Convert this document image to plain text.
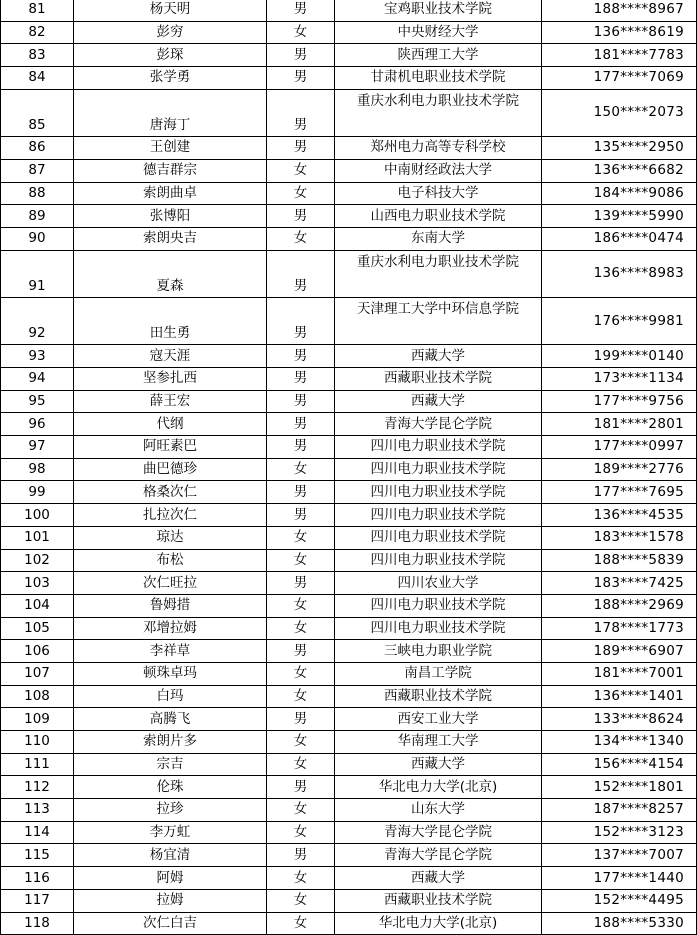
81	杨天明	男	宝鸡职业技术学院	188****8967
82	彭穷	女	中央财经大学	136****8619
83	彭琛	男	陕西理工大学	181****7783
84	张学勇	男	甘肃机电职业技术学院	177****7069
85	唐海丁	男	重庆水利电力职业技术学院	150****2073
86	王创建	男	郑州电力高等专科学校	135****2950
87	德吉群宗	女	中南财经政法大学	136****6682
88	索朗曲卓	女	电子科技大学	184****9086
89	张博阳	男	山西电力职业技术学院	139****5990
90	索朗央吉	女	东南大学	186****0474
91	夏森	男	重庆水利电力职业技术学院	136****8983
92	田生勇	男	天津理工大学中环信息学院	176****9981
93	寇天涯	男	西藏大学	199****0140
94	坚参扎西	男	西藏职业技术学院	173****1134
95	薛王宏	男	西藏大学	177****9756
96	代纲	男	青海大学昆仑学院	181****2801
97	阿旺素巴	男	四川电力职业技术学院	177****0997
98	曲巴德珍	女	四川电力职业技术学院	189****2776
99	格桑次仁	男	四川电力职业技术学院	177****7695
100	扎拉次仁	男	四川电力职业技术学院	136****4535
101	琼达	女	四川电力职业技术学院	183****1578
102	布松	女	四川电力职业技术学院	188****5839
103	次仁旺拉	男	四川农业大学	183****7425
104	鲁姆措	女	四川电力职业技术学院	188****2969
105	邓增拉姆	女	四川电力职业技术学院	178****1773
106	李祥草	男	三峡电力职业学院	189****6907
107	顿珠卓玛	女	南昌工学院	181****7001
108	白玛	女	西藏职业技术学院	136****1401
109	高腾飞	男	西安工业大学	133****8624
110	索朗片多	女	华南理工大学	134****1340
111	宗吉	女	西藏大学	156****4154
112	伦珠	男	华北电力大学(北京)	152****1801
113	拉珍	女	山东大学	187****8257
114	李万虹	女	青海大学昆仑学院	152****3123
115	杨宜清	男	青海大学昆仑学院	137****7007
116	阿姆	女	西藏大学	177****1440
117	拉姆	女	西藏职业技术学院	152****4495
118	次仁白吉	女	华北电力大学(北京)	188****5330
